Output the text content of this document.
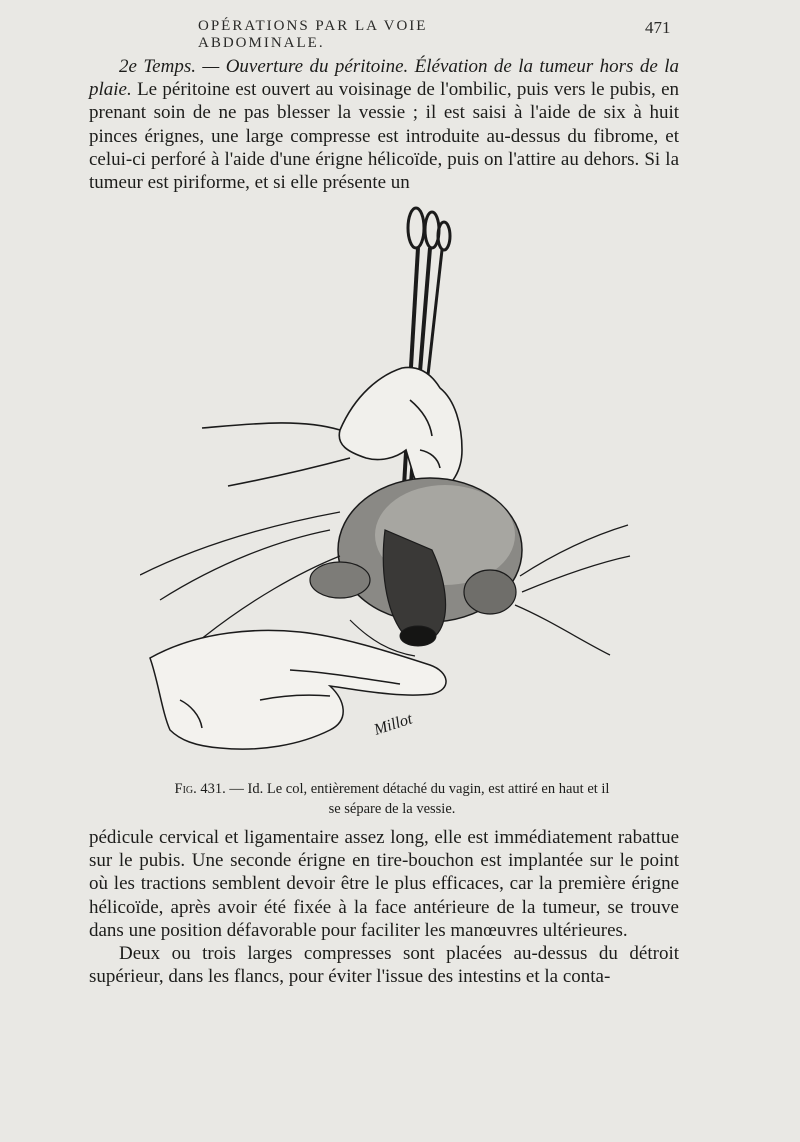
OPÉRATIONS PAR LA VOIE ABDOMINALE.
471

2e Temps. — Ouverture du péritoine. Élévation de la tumeur hors de la plaie. Le péritoine est ouvert au voisinage de l'ombilic, puis vers le pubis, en prenant soin de ne pas blesser la vessie ; il est saisi à l'aide de six à huit pinces érignes, une large compresse est introduite au-dessus du fibrome, et celui-ci perforé à l'aide d'une érigne hélicoïde, puis on l'attire au dehors. Si la tumeur est piriforme, et si elle présente un

Millot
Fig. 431. — Id. Le col, entièrement détaché du vagin, est attiré en haut et il se sépare de la vessie.

pédicule cervical et ligamentaire assez long, elle est immédiatement rabattue sur le pubis. Une seconde érigne en tire-bouchon est implantée sur le point où les tractions semblent devoir être le plus efficaces, car la première érigne hélicoïde, après avoir été fixée à la face antérieure de la tumeur, se trouve dans une position défavorable pour faciliter les manœuvres ultérieures.

Deux ou trois larges compresses sont placées au-dessus du détroit supérieur, dans les flancs, pour éviter l'issue des intestins et la conta-
